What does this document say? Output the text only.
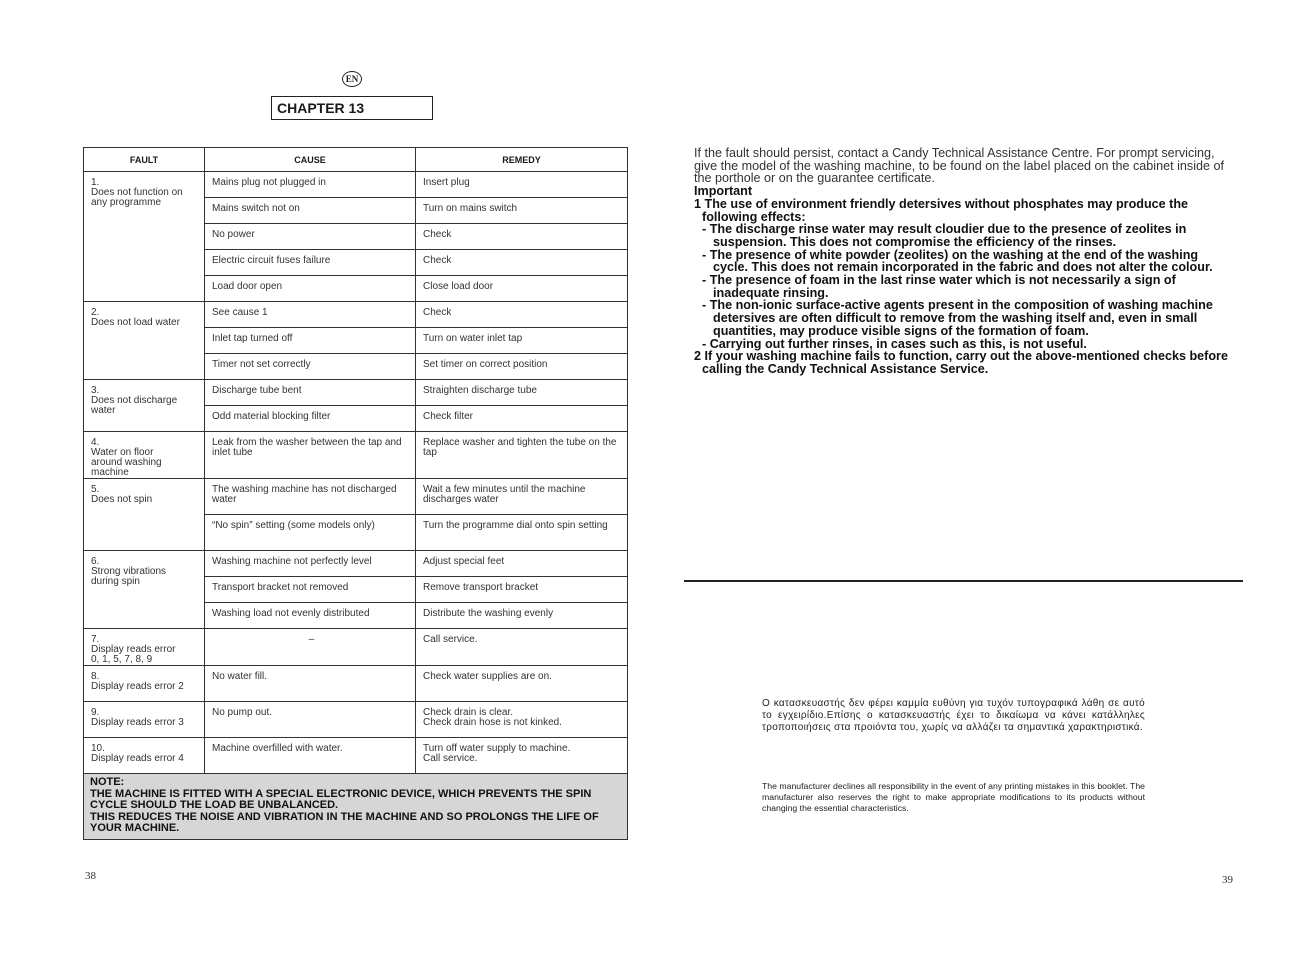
EN
CHAPTER 13
FAULT	CAUSE	REMEDY
1.Does not function on any programme	Mains plug not plugged in	Insert plug
	Mains switch not on	Turn on mains switch
	No power	Check
	Electric circuit fuses failure	Check
	Load door open	Close load door
2.Does not load water	See cause 1	Check
	Inlet tap turned off	Turn on water inlet tap
	Timer not set correctly	Set timer on correct position
3.Does not discharge water	Discharge tube bent	Straighten discharge tube
	Odd material blocking filter	Check filter
4.Water on floor around washing machine	Leak from the washer between the tap and inlet tube	Replace washer and tighten the tube on the tap
5.Does not spin	The washing machine has not discharged water	Wait a few minutes until the machine discharges water
	“No spin” setting (some models only)	Turn the programme dial onto spin setting
6.Strong vibrations during spin	Washing machine not perfectly level	Adjust special feet
	Transport bracket not removed	Remove transport bracket
	Washing load not evenly distributed	Distribute the washing evenly
7.Display reads error 0, 1, 5, 7, 8, 9	–	Call service.
8.Display reads error 2	No water fill.	Check water supplies are on.
9.Display reads error 3	No pump out.	Check drain is clear.
Check drain hose is not kinked.
10.Display reads error 4	Machine overfilled with water.	Turn off water supply to machine.
Call service.
NOTE:
THE MACHINE IS FITTED WITH A SPECIAL ELECTRONIC DEVICE, WHICH PREVENTS THE SPIN CYCLE SHOULD THE LOAD BE UNBALANCED.
THIS REDUCES THE NOISE AND VIBRATION IN THE MACHINE AND SO PROLONGS THE LIFE OF YOUR MACHINE.		
38
If the fault should persist, contact a Candy Technical Assistance Centre. For prompt servicing, give the model of the washing machine, to be found on the label placed on the cabinet inside of the porthole or on the guarantee certificate.
Important
1 The use of environment friendly detersives without phosphates may produce the following effects:
- The discharge rinse water may result cloudier due to the presence of zeolites in suspension. This does not compromise the efficiency of the rinses.
- The presence of white powder (zeolites) on the washing at the end of the washing cycle. This does not remain incorporated in the fabric and does not alter the colour.
- The presence of foam in the last rinse water which is not necessarily a sign of inadequate rinsing.
- The non-ionic surface-active agents present in the composition of washing machine detersives are often difficult to remove from the washing itself and, even in small quantities, may produce visible signs of the formation of foam.
- Carrying out further rinses, in cases such as this, is not useful.
2 If your washing machine fails to function, carry out the above-mentioned checks before calling the Candy Technical Assistance Service.
Ο κατασκευαστής δεν φέρει καμμία ευθύνη για τυχόν τυπογραφικά λάθη σε αυτό το εγχειρίδιο.Επίσης ο κατασκευαστής έχει το δικαίωμα να κάνει κατάλληλες τροποποιήσεις στα προιόντα του, χωρίς να αλλάζει τα σημαντικά χαρακτηριστικά.
The manufacturer declines all responsibility in the event of any printing mistakes in this booklet. The manufacturer also reserves the right to make appropriate modifications to its products without changing the essential characteristics.
39
